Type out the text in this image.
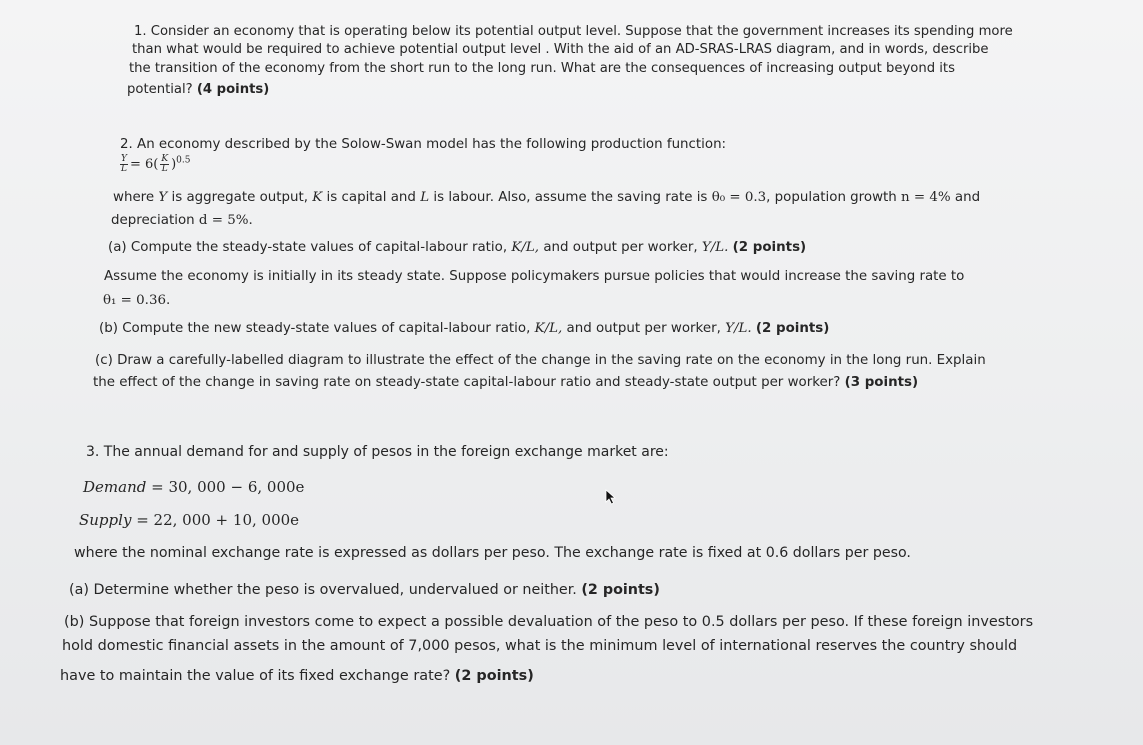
1. Consider an economy that is operating below its potential output level. Suppose that the government increases its spending more
than what would be required to achieve potential output level . With the aid of an AD-SRAS-LRAS diagram, and in words, describe
the transition of the economy from the short run to the long run. What are the consequences of increasing output beyond its
potential? (4 points)
2. An economy described by the Solow-Swan model has the following production function:
$\frac{Y}{L} = 6( \frac{K}{L} )^{0.5}$
where Y is aggregate output, K is capital and L is labour. Also, assume the saving rate is θ₀ = 0.3, population growth n = 4% and
depreciation d = 5%.
(a) Compute the steady-state values of capital-labour ratio, K/L, and output per worker, Y/L. (2 points)
Assume the economy is initially in its steady state. Suppose policymakers pursue policies that would increase the saving rate to
θ₁ = 0.36.
(b) Compute the new steady-state values of capital-labour ratio, K/L, and output per worker, Y/L. (2 points)
(c) Draw a carefully-labelled diagram to illustrate the effect of the change in the saving rate on the economy in the long run. Explain
the effect of the change in saving rate on steady-state capital-labour ratio and steady-state output per worker? (3 points)
3. The annual demand for and supply of pesos in the foreign exchange market are:
Demand = 30, 000 − 6, 000e
Supply = 22, 000 + 10, 000e
where the nominal exchange rate is expressed as dollars per peso. The exchange rate is fixed at 0.6 dollars per peso.
(a) Determine whether the peso is overvalued, undervalued or neither. (2 points)
(b) Suppose that foreign investors come to expect a possible devaluation of the peso to 0.5 dollars per peso. If these foreign investors
hold domestic financial assets in the amount of 7,000 pesos, what is the minimum level of international reserves the country should
have to maintain the value of its fixed exchange rate? (2 points)
